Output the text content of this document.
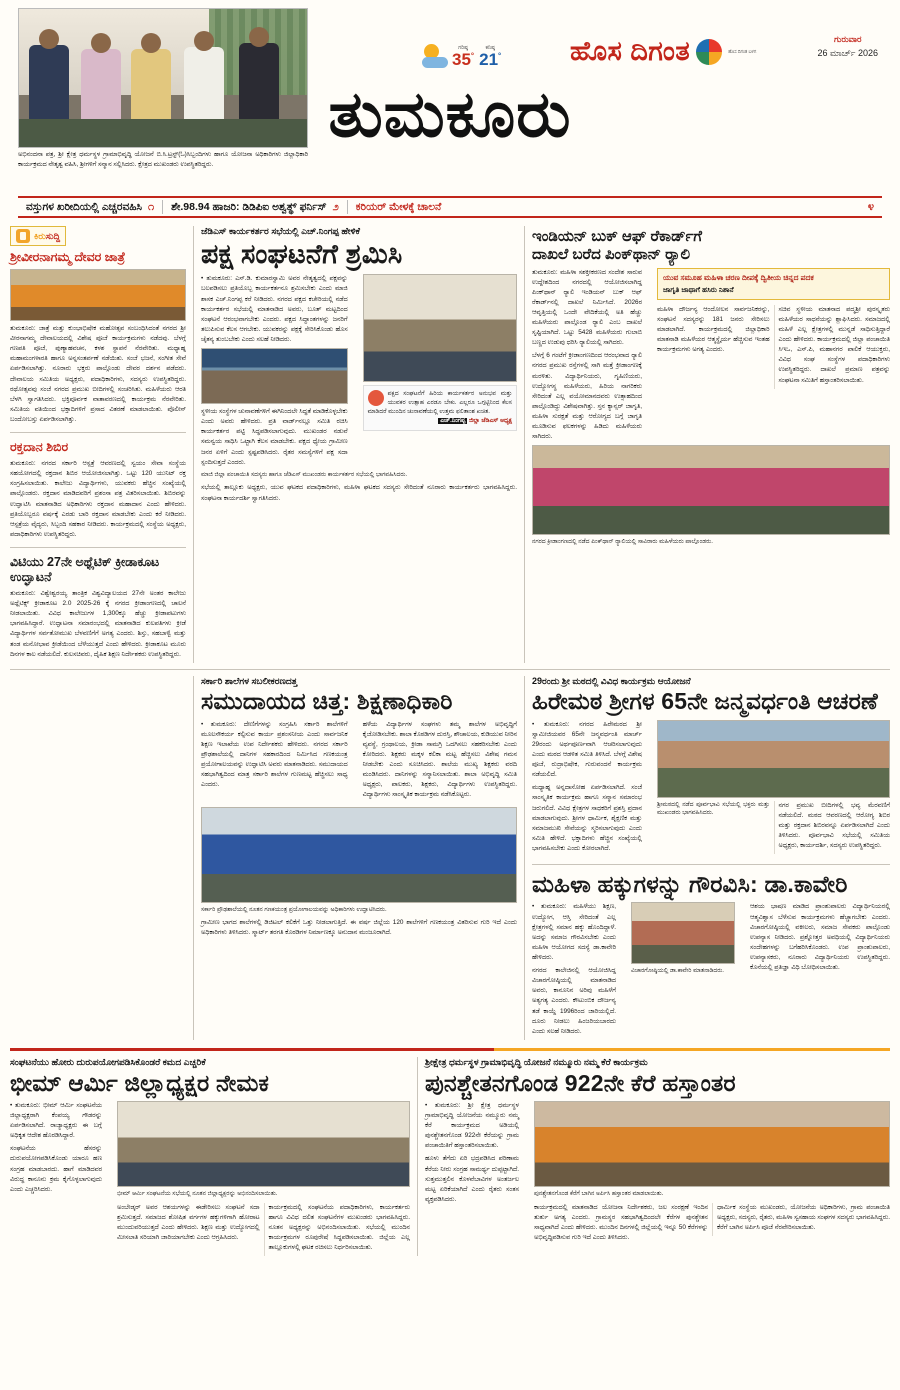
ಅಭಿನಂದನಾ ಪತ್ರ, ಶ್ರೀ ಕ್ಷೇತ್ರ ಧರ್ಮಸ್ಥಳ ಗ್ರಾಮಾಭಿವೃದ್ಧಿ ಯೋಜನೆ ಬಿ.ಸಿ.ಟ್ರಸ್ಟ್(ಓ)ಸಿಬ್ಬಂದಿಗಳು ಹಾಗೂ ಯೋಜನಾ ಅಧಿಕಾರಿಗಳು ಜಿಲ್ಲಾಧಿಕಾರಿ ಕಾರ್ಯಕ್ರಮದ ನೇತೃತ್ವ ವಹಿಸಿ, ಶ್ರೀಗಳಿಗೆ ಸನ್ಮಾನ ಸಲ್ಲಿಸಿದರು. ಕ್ಷೇತ್ರದ ಮುಖಂಡರು ಉಪಸ್ಥಿತರಿದ್ದರು.
ಗರಿಷ್ಠ
35°
ಕನಿಷ್ಠ
21°	ಹೊಸ ದಿಗಂತ	ಹೊಸ ದಿಗಂತ ಬಳಗ
ಗುರುವಾರ
26 ಮಾರ್ಚ್ 2026
ತುಮಕೂರು
ವಸ್ತುಗಳ ಖರೀದಿಯಲ್ಲಿ ಎಚ್ಚರವಹಿಸಿ ೧ ಶೇ.98.94 ಹಾಜರಿ: ಡಿಡಿಪಿಐ ಅಶ್ವತ್ಥ್ ಫರ್ನಿಸ್ ೨ ಕರಿಯರ್ ಮೇಳಕ್ಕೆ ಚಾಲನೆ	೪
ಕಿರುಸುದ್ದಿ
ಶ್ರೀವೀರನಾಗಮ್ಮ ದೇವರ ಜಾತ್ರೆ

ತುಮಕೂರು: ಜಾತ್ರೆ ಮತ್ತು ಕುಂಭಾಭಿಷೇಕ ಮಹೋತ್ಸವ ಸಂಬಂಧಿಸಿದಂತೆ ನಗರದ ಶ್ರೀ ವೀರನಾಗಮ್ಮ ದೇವಾಲಯದಲ್ಲಿ ವಿಶೇಷ ಪೂಜೆ ಕಾರ್ಯಕ್ರಮಗಳು ನಡೆದವು. ಬೆಳಗ್ಗೆ ಗಣಪತಿ ಪೂಜೆ, ಪುಣ್ಯಾಹವಚನ, ಕಳಶ ಸ್ಥಾಪನೆ ನೆರವೇರಿತು. ಮಧ್ಯಾಹ್ನ ಮಹಾಮಂಗಳಾರತಿ ಹಾಗೂ ಅನ್ನಸಂತರ್ಪಣೆ ನಡೆಯಿತು. ಸಂಜೆ ಭಜನೆ, ಸಂಗೀತ ಸೇವೆ ಏರ್ಪಡಿಸಲಾಗಿತ್ತು. ನೂರಾರು ಭಕ್ತರು ಪಾಲ್ಗೊಂಡು ದೇವರ ದರ್ಶನ ಪಡೆದರು. ದೇವಾಲಯ ಸಮಿತಿಯ ಅಧ್ಯಕ್ಷರು, ಪದಾಧಿಕಾರಿಗಳು, ಸದಸ್ಯರು ಉಪಸ್ಥಿತರಿದ್ದರು. ರಥೋತ್ಸವವು ಸಂಜೆ ನಗರದ ಪ್ರಮುಖ ಬೀದಿಗಳಲ್ಲಿ ಸಂಚರಿಸಿತು. ಮಹಿಳೆಯರು ಆರತಿ ಬೆಳಗಿ ಸ್ವಾಗತಿಸಿದರು. ಭಕ್ತಿಪೂರ್ವಕ ವಾತಾವರಣದಲ್ಲಿ ಕಾರ್ಯಕ್ರಮ ನೆರವೇರಿತು. ಸಮಿತಿಯ ವತಿಯಿಂದ ಭಕ್ತಾದಿಗಳಿಗೆ ಪ್ರಸಾದ ವಿತರಣೆ ಮಾಡಲಾಯಿತು. ಪೊಲೀಸ್ ಬಂದೋಬಸ್ತು ಏರ್ಪಡಿಸಲಾಗಿತ್ತು.

ರಕ್ತದಾನ ಶಿಬಿರ

ತುಮಕೂರು: ನಗರದ ಸರ್ಕಾರಿ ಆಸ್ಪತ್ರೆ ಆವರಣದಲ್ಲಿ ಸ್ವಯಂ ಸೇವಾ ಸಂಸ್ಥೆಯ ಸಹಯೋಗದಲ್ಲಿ ರಕ್ತದಾನ ಶಿಬಿರ ಆಯೋಜಿಸಲಾಗಿತ್ತು. ಒಟ್ಟು 120 ಯುನಿಟ್ ರಕ್ತ ಸಂಗ್ರಹಿಸಲಾಯಿತು. ಕಾಲೇಜು ವಿದ್ಯಾರ್ಥಿಗಳು, ಯುವಕರು ಹೆಚ್ಚಿನ ಸಂಖ್ಯೆಯಲ್ಲಿ ಪಾಲ್ಗೊಂಡರು. ರಕ್ತದಾನ ಮಾಡಿದವರಿಗೆ ಪ್ರಶಂಸಾ ಪತ್ರ ವಿತರಿಸಲಾಯಿತು. ಶಿಬಿರವನ್ನು ಉದ್ಘಾಟಿಸಿ ಮಾತನಾಡಿದ ಅಧಿಕಾರಿಗಳು ರಕ್ತದಾನ ಮಹಾದಾನ ಎಂದು ಹೇಳಿದರು. ಪ್ರತಿಯೊಬ್ಬರೂ ವರ್ಷಕ್ಕೆ ಎರಡು ಬಾರಿ ರಕ್ತದಾನ ಮಾಡಬೇಕು ಎಂದು ಕರೆ ನೀಡಿದರು. ಆಸ್ಪತ್ರೆಯ ವೈದ್ಯರು, ಸಿಬ್ಬಂದಿ ಸಹಕಾರ ನೀಡಿದರು. ಕಾರ್ಯಕ್ರಮದಲ್ಲಿ ಸಂಸ್ಥೆಯ ಅಧ್ಯಕ್ಷರು, ಪದಾಧಿಕಾರಿಗಳು ಉಪಸ್ಥಿತರಿದ್ದರು.

ವಿಟಿಯು 27ನೇ ಅಥ್ಲೆಟಿಕ್ ಕ್ರೀಡಾಕೂಟ ಉದ್ಘಾಟನೆ

ತುಮಕೂರು: ವಿಶ್ವೇಶ್ವರಯ್ಯ ತಾಂತ್ರಿಕ ವಿಶ್ವವಿದ್ಯಾಲಯದ 27ನೇ ಅಂತರ ಕಾಲೇಜು ಅಥ್ಲೆಟಿಕ್ಸ್ ಕ್ರೀಡಾಕೂಟ 2.0 2025-26 ಕ್ಕೆ ನಗರದ ಕ್ರೀಡಾಂಗಣದಲ್ಲಿ ಚಾಲನೆ ನೀಡಲಾಯಿತು. ವಿವಿಧ ಕಾಲೇಜುಗಳ 1,300ಕ್ಕೂ ಹೆಚ್ಚು ಕ್ರೀಡಾಪಟುಗಳು ಭಾಗವಹಿಸಿದ್ದಾರೆ. ಉದ್ಘಾಟನಾ ಸಮಾರಂಭದಲ್ಲಿ ಮಾತನಾಡಿದ ಕುಲಪತಿಗಳು ಕ್ರೀಡೆ ವಿದ್ಯಾರ್ಥಿಗಳ ಸರ್ವತೋಮುಖ ಬೆಳವಣಿಗೆಗೆ ಅಗತ್ಯ ಎಂದರು. ಶಿಸ್ತು, ಸಹಬಾಳ್ವೆ ಮತ್ತು ತಂಡ ಮನೋಭಾವ ಕ್ರೀಡೆಯಿಂದ ಬೆಳೆಯುತ್ತದೆ ಎಂದು ಹೇಳಿದರು. ಕ್ರೀಡಾಕೂಟ ಮೂರು ದಿನಗಳ ಕಾಲ ನಡೆಯಲಿದೆ. ಕುಲಸಚಿವರು, ದೈಹಿಕ ಶಿಕ್ಷಣ ನಿರ್ದೇಶಕರು ಉಪಸ್ಥಿತರಿದ್ದರು.

ಜೆಡಿಎಸ್ ಕಾರ್ಯಕರ್ತರ ಸಭೆಯಲ್ಲಿ ಎಚ್.ನಿಂಗಪ್ಪ ಹೇಳಿಕೆ
ಪಕ್ಷ ಸಂಘಟನೆಗೆ ಶ್ರಮಿಸಿ

• ತುಮಕೂರು: ಎಸ್.ಡಿ. ಕುಮಾರಸ್ವಾಮಿ ಅವರ ನೇತೃತ್ವದಲ್ಲಿ ಪಕ್ಷವನ್ನು ಬಲಪಡಿಸಲು ಪ್ರತಿಯೊಬ್ಬ ಕಾರ್ಯಕರ್ತನೂ ಶ್ರಮಿಸಬೇಕು ಎಂದು ಮಾಜಿ ಶಾಸಕ ಎಚ್.ನಿಂಗಪ್ಪ ಕರೆ ನೀಡಿದರು. ನಗರದ ಪಕ್ಷದ ಕಚೇರಿಯಲ್ಲಿ ನಡೆದ ಕಾರ್ಯಕರ್ತರ ಸಭೆಯಲ್ಲಿ ಮಾತನಾಡಿದ ಅವರು, ಬೂತ್ ಮಟ್ಟದಿಂದ ಸಂಘಟನೆ ಆರಂಭವಾಗಬೇಕು ಎಂದರು. ಪಕ್ಷದ ಸಿದ್ಧಾಂತಗಳನ್ನು ಜನರಿಗೆ ತಲುಪಿಸುವ ಕೆಲಸ ಆಗಬೇಕು. ಯುವಕರನ್ನು ಪಕ್ಷಕ್ಕೆ ಸೇರಿಸಿಕೊಂಡು ಹೊಸ ಚೈತನ್ಯ ತುಂಬಬೇಕು ಎಂದು ಸಲಹೆ ನೀಡಿದರು.

ಸ್ಥಳೀಯ ಸಂಸ್ಥೆಗಳ ಚುನಾವಣೆಗಳಿಗೆ ಈಗಿನಿಂದಲೇ ಸಿದ್ಧತೆ ಮಾಡಿಕೊಳ್ಳಬೇಕು ಎಂದು ಅವರು ಹೇಳಿದರು. ಪ್ರತಿ ವಾರ್ಡ್‌ನಲ್ಲೂ ಸಮಿತಿ ರಚಿಸಿ ಕಾರ್ಯಕರ್ತರ ಪಟ್ಟಿ ಸಿದ್ಧಪಡಿಸಲಾಗುವುದು. ಮುಖಂಡರ ನಡುವೆ ಸಮನ್ವಯ ಸಾಧಿಸಿ ಒಟ್ಟಾಗಿ ಕೆಲಸ ಮಾಡಬೇಕು. ಪಕ್ಷದ ಧ್ಯೇಯ ಗ್ರಾಮೀಣ ಜನರ ಏಳಿಗೆ ಎಂದು ಸ್ಪಷ್ಟಪಡಿಸಿದರು. ರೈತರ ಸಮಸ್ಯೆಗಳಿಗೆ ಪಕ್ಷ ಸದಾ ಸ್ಪಂದಿಸುತ್ತದೆ ಎಂದರು.

ಪಕ್ಷದ ಸಂಘಟನೆಗೆ ಹಿರಿಯ ಕಾರ್ಯಕರ್ತರ ಅನುಭವ ಮತ್ತು ಯುವಕರ ಉತ್ಸಾಹ ಎರಡೂ ಬೇಕು. ಎಲ್ಲರೂ ಒಗ್ಗಟ್ಟಿನಿಂದ ಕೆಲಸ ಮಾಡಿದರೆ ಮುಂದಿನ ಚುನಾವಣೆಯಲ್ಲಿ ಉತ್ತಮ ಫಲಿತಾಂಶ ಖಚಿತ.
ಎಚ್.ನಿಂಗಪ್ಪ ಜಿಲ್ಲಾ ಜೆಡಿಎಸ್ ಅಧ್ಯಕ್ಷ

ಮಾಜಿ ಜಿಲ್ಲಾ ಪಂಚಾಯಿತಿ ಸದಸ್ಯರು ಹಾಗೂ ಜೆಡಿಎಸ್ ಮುಖಂಡರು ಕಾರ್ಯಕರ್ತರ ಸಭೆಯಲ್ಲಿ ಭಾಗವಹಿಸಿದರು.

ಸಭೆಯಲ್ಲಿ ತಾಲ್ಲೂಕು ಅಧ್ಯಕ್ಷರು, ಯುವ ಘಟಕದ ಪದಾಧಿಕಾರಿಗಳು, ಮಹಿಳಾ ಘಟಕದ ಸದಸ್ಯರು ಸೇರಿದಂತೆ ನೂರಾರು ಕಾರ್ಯಕರ್ತರು ಭಾಗವಹಿಸಿದ್ದರು. ಸಂಘಟನಾ ಕಾರ್ಯದರ್ಶಿ ಸ್ವಾಗತಿಸಿದರು.

ಇಂಡಿಯನ್ ಬುಕ್ ಆಫ್ ರೆಕಾರ್ಡ್‌ಗೆ
ದಾಖಲೆ ಬರೆದ ಪಿಂಕ್‌ಥಾನ್ ರ್‍ಯಾಲಿ

ತುಮಕೂರು: ಮಹಿಳಾ ಸಶಕ್ತೀಕರಣದ ಸಂದೇಶ ಸಾರುವ ಉದ್ದೇಶದಿಂದ ನಗರದಲ್ಲಿ ಆಯೋಜಿಸಲಾಗಿದ್ದ ಪಿಂಕ್‌ಥಾನ್ ರ್‍ಯಾಲಿ ಇಂಡಿಯನ್ ಬುಕ್ ಆಫ್ ರೆಕಾರ್ಡ್‌ನಲ್ಲಿ ದಾಖಲೆ ನಿರ್ಮಿಸಿದೆ. 2026ರ ಆವೃತ್ತಿಯಲ್ಲಿ ಒಂದೇ ವೇದಿಕೆಯಲ್ಲಿ ಅತಿ ಹೆಚ್ಚು ಮಹಿಳೆಯರು ಪಾಲ್ಗೊಂಡ ರ್‍ಯಾಲಿ ಎಂಬ ದಾಖಲೆ ಸೃಷ್ಟಿಯಾಗಿದೆ. ಒಟ್ಟು 5428 ಮಹಿಳೆಯರು ಗುಲಾಬಿ ಬಣ್ಣದ ಉಡುಪು ಧರಿಸಿ ರ್‍ಯಾಲಿಯಲ್ಲಿ ಸಾಗಿದರು.

ಬೆಳಗ್ಗೆ 6 ಗಂಟೆಗೆ ಕ್ರೀಡಾಂಗಣದಿಂದ ಆರಂಭವಾದ ರ್‍ಯಾಲಿ ನಗರದ ಪ್ರಮುಖ ರಸ್ತೆಗಳಲ್ಲಿ ಸಾಗಿ ಮತ್ತೆ ಕ್ರೀಡಾಂಗಣಕ್ಕೆ ಮರಳಿತು. ವಿದ್ಯಾರ್ಥಿನಿಯರು, ಗೃಹಿಣಿಯರು, ಉದ್ಯೋಗಸ್ಥ ಮಹಿಳೆಯರು, ಹಿರಿಯ ನಾಗರಿಕರು ಸೇರಿದಂತೆ ಎಲ್ಲ ವಯೋಮಾನದವರು ಉತ್ಸಾಹದಿಂದ ಪಾಲ್ಗೊಂಡಿದ್ದು ವಿಶೇಷವಾಗಿತ್ತು. ಸ್ತನ ಕ್ಯಾನ್ಸರ್ ಜಾಗೃತಿ, ಮಹಿಳಾ ಸುರಕ್ಷತೆ ಮತ್ತು ಆರೋಗ್ಯದ ಬಗ್ಗೆ ಜಾಗೃತಿ ಮೂಡಿಸುವ ಫಲಕಗಳನ್ನು ಹಿಡಿದು ಮಹಿಳೆಯರು ಸಾಗಿದರು.

ಯುವ ಸಮೂಹ ಮಹಿಳಾ ಚರಣ ದೀಪಕ್ಕೆ ದ್ವಿತೀಯ ಚಿನ್ನದ ಪದಕ
ಜಾಗೃತಿ ಜಾಥಾಗೆ ಹಸಿರು ನಿಶಾನೆ

ಮಹಿಳಾ ದೌರ್ಜನ್ಯ ಆಂದೋಲನ ಸಾರ್ವಜನಿಕರನ್ನು, ಸಂಘಟನೆ ಸದಸ್ಯರನ್ನು 181 ಜನರು ಸೇರಿಸಲು ಮಾಡಲಾಗಿದೆ. ಕಾರ್ಯಕ್ರಮದಲ್ಲಿ ಜಿಲ್ಲಾಧಿಕಾರಿ ಮಾತನಾಡಿ ಮಹಿಳೆಯರ ಆತ್ಮಸ್ಥೈರ್ಯ ಹೆಚ್ಚಿಸುವ ಇಂತಹ ಕಾರ್ಯಕ್ರಮಗಳು ಅಗತ್ಯ ಎಂದರು.

ಸಚಿವ ಸ್ಥಳೀಯ ಮಾತನಾದ ಪದ್ಮಶ್ರೀ ಪುರಸ್ಕೃತರು ಮಹಿಳೆಯರ ಸಾಧನೆಯನ್ನು ಶ್ಲಾಘಿಸಿದರು. ಸಮಾಜದಲ್ಲಿ ಮಹಿಳೆ ಎಲ್ಲ ಕ್ಷೇತ್ರಗಳಲ್ಲಿ ಮುನ್ನಡೆ ಸಾಧಿಸುತ್ತಿದ್ದಾರೆ ಎಂದು ಹೇಳಿದರು. ಕಾರ್ಯಕ್ರಮದಲ್ಲಿ ಜಿಲ್ಲಾ ಪಂಚಾಯಿತಿ ಸಿಇಒ, ಎಸ್.ಪಿ, ಮಹಾನಗರ ಪಾಲಿಕೆ ಆಯುಕ್ತರು, ವಿವಿಧ ಸಂಘ ಸಂಸ್ಥೆಗಳ ಪದಾಧಿಕಾರಿಗಳು ಉಪಸ್ಥಿತರಿದ್ದರು. ದಾಖಲೆ ಪ್ರಮಾಣ ಪತ್ರವನ್ನು ಸಂಘಟನಾ ಸಮಿತಿಗೆ ಹಸ್ತಾಂತರಿಸಲಾಯಿತು.

ನಗರದ ಕ್ರೀಡಾಂಗಣದಲ್ಲಿ ನಡೆದ ಪಿಂಕ್‌ಥಾನ್ ರ್‍ಯಾಲಿಯಲ್ಲಿ ಸಾವಿರಾರು ಮಹಿಳೆಯರು ಪಾಲ್ಗೊಂಡರು.

ಸರ್ಕಾರಿ ಶಾಲೆಗಳ ಸಬಲೀಕರಣದತ್ತ
ಸಮುದಾಯದ ಚಿತ್ತ: ಶಿಕ್ಷಣಾಧಿಕಾರಿ

• ತುಮಕೂರು: ದೇಣಿಗೆಗಳನ್ನು ಸಂಗ್ರಹಿಸಿ ಸರ್ಕಾರಿ ಶಾಲೆಗಳಿಗೆ ಮೂಲಸೌಕರ್ಯ ಕಲ್ಪಿಸುವ ಕಾರ್ಯ ಪ್ರಶಂಸನೀಯ ಎಂದು ಸಾರ್ವಜನಿಕ ಶಿಕ್ಷಣ ಇಲಾಖೆಯ ಉಪ ನಿರ್ದೇಶಕರು ಹೇಳಿದರು. ನಗರದ ಸರ್ಕಾರಿ ಪ್ರೌಢಶಾಲೆಯಲ್ಲಿ ದಾನಿಗಳ ಸಹಕಾರದಿಂದ ನಿರ್ಮಿಸಿದ ಗಣಕಯಂತ್ರ ಪ್ರಯೋಗಾಲಯವನ್ನು ಉದ್ಘಾಟಿಸಿ ಅವರು ಮಾತನಾಡಿದರು. ಸಮುದಾಯದ ಸಹಭಾಗಿತ್ವದಿಂದ ಮಾತ್ರ ಸರ್ಕಾರಿ ಶಾಲೆಗಳ ಗುಣಮಟ್ಟ ಹೆಚ್ಚಿಸಲು ಸಾಧ್ಯ ಎಂದರು.

ಹಳೆಯ ವಿದ್ಯಾರ್ಥಿಗಳ ಸಂಘಗಳು ತಮ್ಮ ಶಾಲೆಗಳ ಅಭಿವೃದ್ಧಿಗೆ ಕೈಜೋಡಿಸಬೇಕು. ಶಾಲಾ ಕೊಠಡಿಗಳ ದುರಸ್ತಿ, ಶೌಚಾಲಯ, ಕುಡಿಯುವ ನೀರಿನ ವ್ಯವಸ್ಥೆ, ಗ್ರಂಥಾಲಯ, ಕ್ರೀಡಾ ಸಾಮಗ್ರಿ ಒದಗಿಸಲು ಸಹಕರಿಸಬೇಕು ಎಂದು ಕೋರಿದರು. ಶಿಕ್ಷಕರು ಮಕ್ಕಳ ಕಲಿಕಾ ಮಟ್ಟ ಹೆಚ್ಚಿಸಲು ವಿಶೇಷ ಗಮನ ನೀಡಬೇಕು ಎಂದು ಸೂಚಿಸಿದರು. ಶಾಲೆಯ ಮುಖ್ಯ ಶಿಕ್ಷಕರು ವರದಿ ಮಂಡಿಸಿದರು. ದಾನಿಗಳನ್ನು ಸನ್ಮಾನಿಸಲಾಯಿತು. ಶಾಲಾ ಅಭಿವೃದ್ಧಿ ಸಮಿತಿ ಅಧ್ಯಕ್ಷರು, ಪಾಲಕರು, ಶಿಕ್ಷಕರು, ವಿದ್ಯಾರ್ಥಿಗಳು ಉಪಸ್ಥಿತರಿದ್ದರು. ವಿದ್ಯಾರ್ಥಿಗಳು ಸಾಂಸ್ಕೃತಿಕ ಕಾರ್ಯಕ್ರಮ ನಡೆಸಿಕೊಟ್ಟರು.

ಸರ್ಕಾರಿ ಪ್ರೌಢಶಾಲೆಯಲ್ಲಿ ನೂತನ ಗಣಕಯಂತ್ರ ಪ್ರಯೋಗಾಲಯವನ್ನು ಅಧಿಕಾರಿಗಳು ಉದ್ಘಾಟಿಸಿದರು.

ಗ್ರಾಮೀಣ ಭಾಗದ ಶಾಲೆಗಳಲ್ಲಿ ಡಿಜಿಟಲ್ ಕಲಿಕೆಗೆ ಒತ್ತು ನೀಡಲಾಗುತ್ತಿದೆ. ಈ ವರ್ಷ ಜಿಲ್ಲೆಯ 120 ಶಾಲೆಗಳಿಗೆ ಗಣಕಯಂತ್ರ ವಿತರಿಸುವ ಗುರಿ ಇದೆ ಎಂದು ಅಧಿಕಾರಿಗಳು ತಿಳಿಸಿದರು. ಸ್ಮಾರ್ಟ್ ತರಗತಿ ಕೊಠಡಿಗಳ ನಿರ್ಮಾಣಕ್ಕೂ ಅನುದಾನ ಮಂಜೂರಾಗಿದೆ.

29ರಂದು ಶ್ರೀ ಮಠದಲ್ಲಿ ವಿವಿಧ ಕಾರ್ಯಕ್ರಮ ಆಯೋಜನೆ
ಹಿರೇಮಠ ಶ್ರೀಗಳ 65ನೇ ಜನ್ಮವರ್ಧಂತಿ ಆಚರಣೆ

• ತುಮಕೂರು: ನಗರದ ಹಿರೇಮಠದ ಶ್ರೀ ಸ್ವಾಮೀಜಿಯವರ 65ನೇ ಜನ್ಮವರ್ಧಂತಿ ಮಾರ್ಚ್ 29ರಂದು ಅರ್ಥಪೂರ್ಣವಾಗಿ ಆಚರಿಸಲಾಗುವುದು ಎಂದು ಮಠದ ಆಡಳಿತ ಸಮಿತಿ ತಿಳಿಸಿದೆ. ಬೆಳಗ್ಗೆ ವಿಶೇಷ ಪೂಜೆ, ರುದ್ರಾಭಿಷೇಕ, ಗುರುವಂದನೆ ಕಾರ್ಯಕ್ರಮ ನಡೆಯಲಿದೆ.

ಮಧ್ಯಾಹ್ನ ಅನ್ನದಾಸೋಹ ಏರ್ಪಡಿಸಲಾಗಿದೆ. ಸಂಜೆ ಸಾಂಸ್ಕೃತಿಕ ಕಾರ್ಯಕ್ರಮ ಹಾಗೂ ಸನ್ಮಾನ ಸಮಾರಂಭ ಜರುಗಲಿದೆ. ವಿವಿಧ ಕ್ಷೇತ್ರಗಳ ಸಾಧಕರಿಗೆ ಪ್ರಶಸ್ತಿ ಪ್ರದಾನ ಮಾಡಲಾಗುವುದು. ಶ್ರೀಗಳ ಧಾರ್ಮಿಕ, ಶೈಕ್ಷಣಿಕ ಮತ್ತು ಸಮಾಜಮುಖಿ ಸೇವೆಯನ್ನು ಸ್ಮರಿಸಲಾಗುವುದು ಎಂದು ಸಮಿತಿ ಹೇಳಿದೆ. ಭಕ್ತಾದಿಗಳು ಹೆಚ್ಚಿನ ಸಂಖ್ಯೆಯಲ್ಲಿ ಭಾಗವಹಿಸಬೇಕು ಎಂದು ಕೋರಲಾಗಿದೆ.

ಶ್ರೀಮಠದಲ್ಲಿ ನಡೆದ ಪೂರ್ವಭಾವಿ ಸಭೆಯಲ್ಲಿ ಭಕ್ತರು ಮತ್ತು ಮುಖಂಡರು ಭಾಗವಹಿಸಿದರು.

ನಗರ ಪ್ರಮುಖ ಬೀದಿಗಳಲ್ಲಿ ಭವ್ಯ ಮೆರವಣಿಗೆ ನಡೆಯಲಿದೆ. ಮಠದ ಆವರಣದಲ್ಲಿ ಆರೋಗ್ಯ ಶಿಬಿರ ಮತ್ತು ರಕ್ತದಾನ ಶಿಬಿರವನ್ನೂ ಏರ್ಪಡಿಸಲಾಗಿದೆ ಎಂದು ತಿಳಿಸಿದರು. ಪೂರ್ವಭಾವಿ ಸಭೆಯಲ್ಲಿ ಸಮಿತಿಯ ಅಧ್ಯಕ್ಷರು, ಕಾರ್ಯದರ್ಶಿ, ಸದಸ್ಯರು ಉಪಸ್ಥಿತರಿದ್ದರು.

ಮಹಿಳಾ ಹಕ್ಕುಗಳನ್ನು ಗೌರವಿಸಿ: ಡಾ.ಕಾವೇರಿ

• ತುಮಕೂರು: ಮಹಿಳೆಯು ಶಿಕ್ಷಣ, ಉದ್ಯೋಗ, ಆಸ್ತಿ ಸೇರಿದಂತೆ ಎಲ್ಲ ಕ್ಷೇತ್ರಗಳಲ್ಲಿ ಸಮಾನ ಹಕ್ಕು ಹೊಂದಿದ್ದಾಳೆ. ಅದನ್ನು ಸಮಾಜ ಗೌರವಿಸಬೇಕು ಎಂದು ಮಹಿಳಾ ಆಯೋಗದ ಸದಸ್ಯೆ ಡಾ.ಕಾವೇರಿ ಹೇಳಿದರು.

ನಗರದ ಕಾಲೇಜಿನಲ್ಲಿ ಆಯೋಜಿಸಿದ್ದ ವಿಚಾರಗೋಷ್ಠಿಯಲ್ಲಿ ಮಾತನಾಡಿದ ಅವರು, ಕಾನೂನಿನ ಅರಿವು ಮಹಿಳೆಗೆ ಅತ್ಯಗತ್ಯ ಎಂದರು. ಕೌಟುಂಬಿಕ ದೌರ್ಜನ್ಯ ತಡೆ ಕಾಯ್ದೆ 1996ರಿಂದ ಜಾರಿಯಲ್ಲಿದೆ. ದೂರು ನೀಡಲು ಹಿಂಜರಿಯಬಾರದು ಎಂದು ಸಲಹೆ ನೀಡಿದರು.

ವಿಚಾರಗೋಷ್ಠಿಯಲ್ಲಿ ಡಾ.ಕಾವೇರಿ ಮಾತನಾಡಿದರು.

ಆಶಯ ಭಾಷಣ ಮಾಡಿದ ಪ್ರಾಂಶುಪಾಲರು ವಿದ್ಯಾರ್ಥಿನಿಯರಲ್ಲಿ ಆತ್ಮವಿಶ್ವಾಸ ಬೆಳೆಸುವ ಕಾರ್ಯಕ್ರಮಗಳು ಹೆಚ್ಚಾಗಬೇಕು ಎಂದರು. ವಿಚಾರಗೋಷ್ಠಿಯಲ್ಲಿ ವಕೀಲರು, ಸಮಾಜ ಸೇವಕರು ಪಾಲ್ಗೊಂಡು ಉಪನ್ಯಾಸ ನೀಡಿದರು. ಪ್ರಶ್ನೋತ್ತರ ಅವಧಿಯಲ್ಲಿ ವಿದ್ಯಾರ್ಥಿನಿಯರು ಸಂದೇಹಗಳನ್ನು ಬಗೆಹರಿಸಿಕೊಂಡರು. ಉಪ ಪ್ರಾಂಶುಪಾಲರು, ಉಪನ್ಯಾಸಕರು, ನೂರಾರು ವಿದ್ಯಾರ್ಥಿನಿಯರು ಉಪಸ್ಥಿತರಿದ್ದರು. ಕೊನೆಯಲ್ಲಿ ಪ್ರತಿಜ್ಞಾ ವಿಧಿ ಬೋಧಿಸಲಾಯಿತು.

ಸಂಘಟನೆಯು ಹೋರು ದುರುಪಯೋಗಪಡಿಸಿಕೊಂಡರೆ ಕಮದ ಎಚ್ಚರಿಕೆ
ಭೀಮ್ ಆರ್ಮಿ ಜಿಲ್ಲಾಧ್ಯಕ್ಷರ ನೇಮಕ

• ತುಮಕೂರು: ಭೀಮ್ ಆರ್ಮಿ ಸಂಘಟನೆಯ ಜಿಲ್ಲಾಧ್ಯಕ್ಷರಾಗಿ ಕೆಂಪಯ್ಯ ಗೌಡರನ್ನು ಏರ್ಪಡಿಸಲಾಗಿದೆ. ರಾಜ್ಯಾಧ್ಯಕ್ಷರು ಈ ಬಗ್ಗೆ ಅಧಿಕೃತ ಆದೇಶ ಹೊರಡಿಸಿದ್ದಾರೆ.

ಸಂಘಟನೆಯ ಹೆಸರನ್ನು ದುರುಪಯೋಗಪಡಿಸಿಕೊಂಡು ಯಾರೂ ಹಣ ಸಂಗ್ರಹ ಮಾಡಬಾರದು. ಹಾಗೆ ಮಾಡಿದವರ ವಿರುದ್ಧ ಕಾನೂನು ಕ್ರಮ ಕೈಗೊಳ್ಳಲಾಗುವುದು ಎಂದು ಎಚ್ಚರಿಸಿದರು.

ಭೀಮ್ ಆರ್ಮಿ ಸಂಘಟನೆಯ ಸಭೆಯಲ್ಲಿ ನೂತನ ಜಿಲ್ಲಾಧ್ಯಕ್ಷರನ್ನು ಅಭಿನಂದಿಸಲಾಯಿತು.

ಅಂಬೇಡ್ಕರ್ ಅವರ ಆಶಯಗಳನ್ನು ಈಡೇರಿಸಲು ಸಂಘಟನೆ ಸದಾ ಶ್ರಮಿಸುತ್ತದೆ. ಸಮಾಜದ ಶೋಷಿತ ವರ್ಗಗಳ ಹಕ್ಕುಗಳಿಗಾಗಿ ಹೋರಾಟ ಮುಂದುವರಿಯುತ್ತದೆ ಎಂದು ಹೇಳಿದರು. ಶಿಕ್ಷಣ ಮತ್ತು ಉದ್ಯೋಗದಲ್ಲಿ ಮೀಸಲಾತಿ ಸರಿಯಾಗಿ ಜಾರಿಯಾಗಬೇಕು ಎಂದು ಆಗ್ರಹಿಸಿದರು.

ಕಾರ್ಯಕ್ರಮದಲ್ಲಿ ಸಂಘಟನೆಯ ಪದಾಧಿಕಾರಿಗಳು, ಕಾರ್ಯಕರ್ತರು ಹಾಗೂ ವಿವಿಧ ದಲಿತ ಸಂಘಟನೆಗಳ ಮುಖಂಡರು ಭಾಗವಹಿಸಿದ್ದರು. ನೂತನ ಅಧ್ಯಕ್ಷರನ್ನು ಅಭಿನಂದಿಸಲಾಯಿತು. ಸಭೆಯಲ್ಲಿ ಮುಂದಿನ ಕಾರ್ಯಕ್ರಮಗಳ ರೂಪುರೇಷೆ ಸಿದ್ಧಪಡಿಸಲಾಯಿತು. ಜಿಲ್ಲೆಯ ಎಲ್ಲ ತಾಲ್ಲೂಕುಗಳಲ್ಲಿ ಘಟಕ ರಚಿಸಲು ನಿರ್ಧರಿಸಲಾಯಿತು.

ಶ್ರೀಕ್ಷೇತ್ರ ಧರ್ಮಸ್ಥಳ ಗ್ರಾಮಾಭಿವೃದ್ಧಿ ಯೋಜನೆ ನಮ್ಮೂರು ನಮ್ಮ ಕೆರೆ ಕಾರ್ಯಕ್ರಮ
ಪುನಶ್ಚೇತನಗೊಂಡ 922ನೇ ಕೆರೆ ಹಸ್ತಾಂತರ

• ತುಮಕೂರು: ಶ್ರೀ ಕ್ಷೇತ್ರ ಧರ್ಮಸ್ಥಳ ಗ್ರಾಮಾಭಿವೃದ್ಧಿ ಯೋಜನೆಯ ನಮ್ಮೂರು ನಮ್ಮ ಕೆರೆ ಕಾರ್ಯಕ್ರಮದ ಅಡಿಯಲ್ಲಿ ಪುನಶ್ಚೇತನಗೊಂಡ 922ನೇ ಕೆರೆಯನ್ನು ಗ್ರಾಮ ಪಂಚಾಯಿತಿಗೆ ಹಸ್ತಾಂತರಿಸಲಾಯಿತು.

ಹೂಳು ತೆಗೆದು ಏರಿ ಭದ್ರಪಡಿಸಿದ ಪರಿಣಾಮ ಕೆರೆಯ ನೀರು ಸಂಗ್ರಹ ಸಾಮರ್ಥ್ಯ ದುಪ್ಪಟ್ಟಾಗಿದೆ. ಸುತ್ತಮುತ್ತಲಿನ ಕೊಳವೆಬಾವಿಗಳ ಅಂತರ್ಜಲ ಮಟ್ಟ ಏರಿಕೆಯಾಗಿದೆ ಎಂದು ರೈತರು ಸಂತಸ ವ್ಯಕ್ತಪಡಿಸಿದರು.

ಪುನಶ್ಚೇತನಗೊಂಡ ಕೆರೆಗೆ ಬಾಗಿನ ಅರ್ಪಿಸಿ ಹಸ್ತಾಂತರ ಮಾಡಲಾಯಿತು.

ಕಾರ್ಯಕ್ರಮದಲ್ಲಿ ಮಾತನಾಡಿದ ಯೋಜನಾ ನಿರ್ದೇಶಕರು, ಜಲ ಸಂರಕ್ಷಣೆ ಇಂದಿನ ತುರ್ತು ಅಗತ್ಯ ಎಂದರು. ಗ್ರಾಮಸ್ಥರ ಸಹಭಾಗಿತ್ವದಿಂದಲೇ ಕೆರೆಗಳ ಪುನಶ್ಚೇತನ ಸಾಧ್ಯವಾಗಿದೆ ಎಂದು ಹೇಳಿದರು. ಮುಂದಿನ ದಿನಗಳಲ್ಲಿ ಜಿಲ್ಲೆಯಲ್ಲಿ ಇನ್ನೂ 50 ಕೆರೆಗಳನ್ನು ಅಭಿವೃದ್ಧಿಪಡಿಸುವ ಗುರಿ ಇದೆ ಎಂದು ತಿಳಿಸಿದರು.

ಧಾರ್ಮಿಕ ಸಂಸ್ಥೆಯ ಮುಖಂಡರು, ಯೋಜನೆಯ ಅಧಿಕಾರಿಗಳು, ಗ್ರಾಮ ಪಂಚಾಯಿತಿ ಅಧ್ಯಕ್ಷರು, ಸದಸ್ಯರು, ರೈತರು, ಮಹಿಳಾ ಸ್ವಸಹಾಯ ಸಂಘಗಳ ಸದಸ್ಯರು ಭಾಗವಹಿಸಿದ್ದರು. ಕೆರೆಗೆ ಬಾಗಿನ ಅರ್ಪಿಸಿ ಪೂಜೆ ನೆರವೇರಿಸಲಾಯಿತು.
